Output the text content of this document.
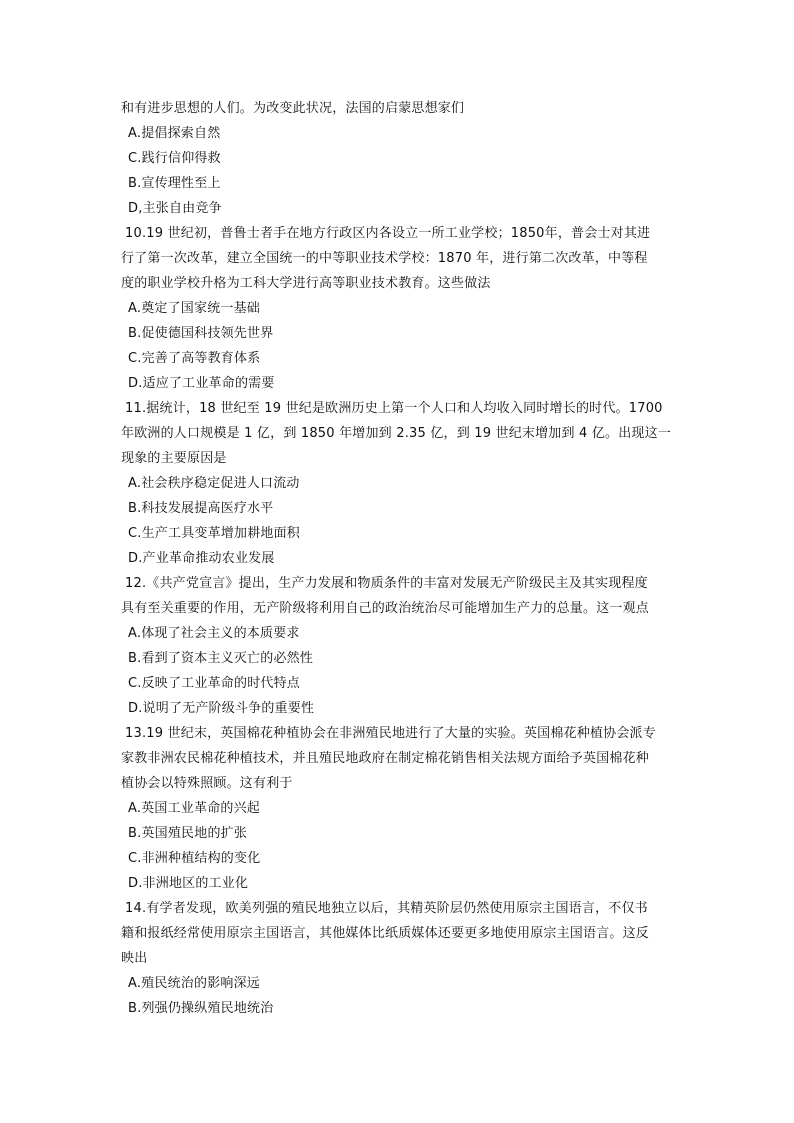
和有进步思想的人们。为改变此状况，法国的启蒙思想家们
A.提倡探索自然
C.践行信仰得救
B.宣传理性至上
D,主张自由竞争
10.19 世纪初，普鲁士者手在地方行政区内各设立一所工业学校；1850年，普会士对其进
行了第一次改革，建立全国统一的中等职业技术学校：1870 年，进行第二次改革，中等程
度的职业学校升格为工科大学进行高等职业技术教育。这些做法
A.奠定了国家统一基础
B.促使德国科技领先世界
C.完善了高等教育体系
D.适应了工业革命的需要
11.据统计，18 世纪至 19 世纪是欧洲历史上第一个人口和人均收入同时增长的时代。1700
年欧洲的人口规模是 1 亿，到 1850 年增加到 2.35 亿，到 19 世纪末增加到 4 亿。出现这一
现象的主要原因是
A.社会秩序稳定促进人口流动
B.科技发展提高医疗水平
C.生产工具变革增加耕地面积
D.产业革命推动农业发展
12.《共产党宣言》提出，生产力发展和物质条件的丰富对发展无产阶级民主及其实现程度
具有至关重要的作用，无产阶级将利用自己的政治统治尽可能增加生产力的总量。这一观点
A.体现了社会主义的本质要求
B.看到了资本主义灭亡的必然性
C.反映了工业革命的时代特点
D.说明了无产阶级斗争的重要性
13.19 世纪末，英国棉花种植协会在非洲殖民地进行了大量的实验。英国棉花种植协会派专
家教非洲农民棉花种植技术，并且殖民地政府在制定棉花销售相关法规方面给予英国棉花种
植协会以特殊照顾。这有利于
A.英国工业革命的兴起
B.英国殖民地的扩张
C.非洲种植结构的变化
D.非洲地区的工业化
14.有学者发现，欧美列强的殖民地独立以后，其精英阶层仍然使用原宗主国语言，不仅书
籍和报纸经常使用原宗主国语言，其他媒体比纸质媒体还要更多地使用原宗主国语言。这反
映出
A.殖民统治的影响深远
B.列强仍操纵殖民地统治
